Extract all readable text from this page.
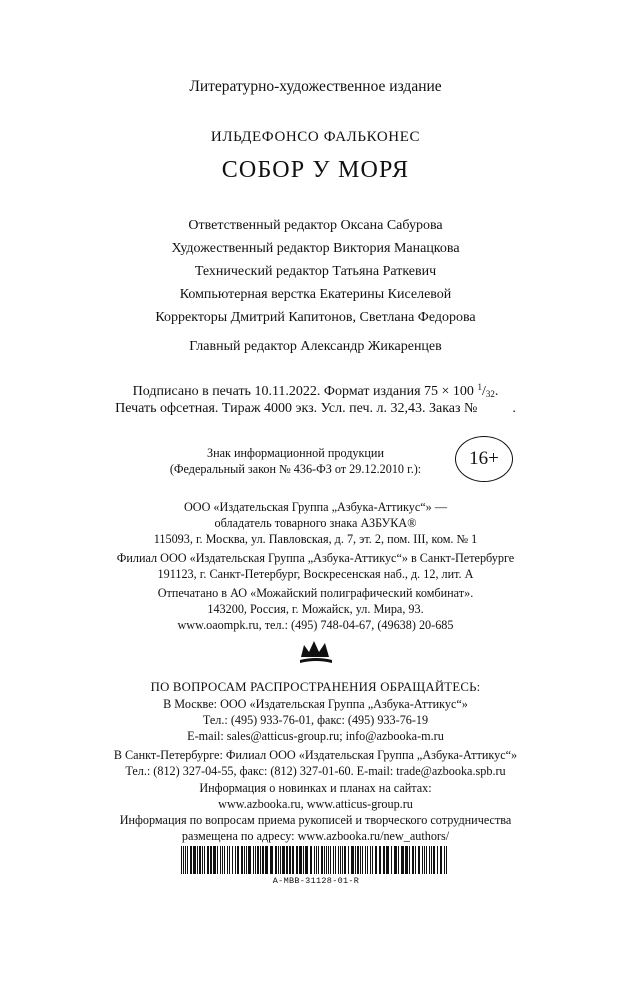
Литературно-художественное издание
ИЛЬДЕФОНСО ФАЛЬКОНЕС
СОБОР У МОРЯ
Ответственный редактор Оксана Сабурова
Художественный редактор Виктория Манацкова
Технический редактор Татьяна Раткевич
Компьютерная верстка Екатерины Киселевой
Корректоры Дмитрий Капитонов, Светлана Федорова
Главный редактор Александр Жикаренцев
Подписано в печать 10.11.2022. Формат издания 75 × 100 $^1/_{32}$.
Печать офсетная. Тираж 4000 экз. Усл. печ. л. 32,43. Заказ №          .
Знак информационной продукции
(Федеральный закон № 436-ФЗ от 29.12.2010 г.):	16+
ООО «Издательская Группа „Азбука-Аттикус“» —
обладатель товарного знака АЗБУКА®
115093, г. Москва, ул. Павловская, д. 7, эт. 2, пом. III, ком. № 1
Филиал ООО «Издательская Группа „Азбука-Аттикус“» в Санкт-Петербурге
191123, г. Санкт-Петербург, Воскресенская наб., д. 12, лит. А
Отпечатано в АО «Можайский полиграфический комбинат».
143200, Россия, г. Можайск, ул. Мира, 93.
www.oaompk.ru, тел.: (495) 748-04-67, (49638) 20-685
ПО ВОПРОСАМ РАСПРОСТРАНЕНИЯ ОБРАЩАЙТЕСЬ:
В Москве: ООО «Издательская Группа „Азбука-Аттикус“»
Тел.: (495) 933-76-01, факс: (495) 933-76-19
E-mail: sales@atticus-group.ru; info@azbooka-m.ru
В Санкт-Петербурге: Филиал ООО «Издательская Группа „Азбука-Аттикус“»
Тел.: (812) 327-04-55, факс: (812) 327-01-60. E-mail: trade@azbooka.spb.ru
Информация о новинках и планах на сайтах:
www.azbooka.ru, www.atticus-group.ru
Информация по вопросам приема рукописей и творческого сотрудничества
размещена по адресу: www.azbooka.ru/new_authors/
A-MBB-31128-01-R
